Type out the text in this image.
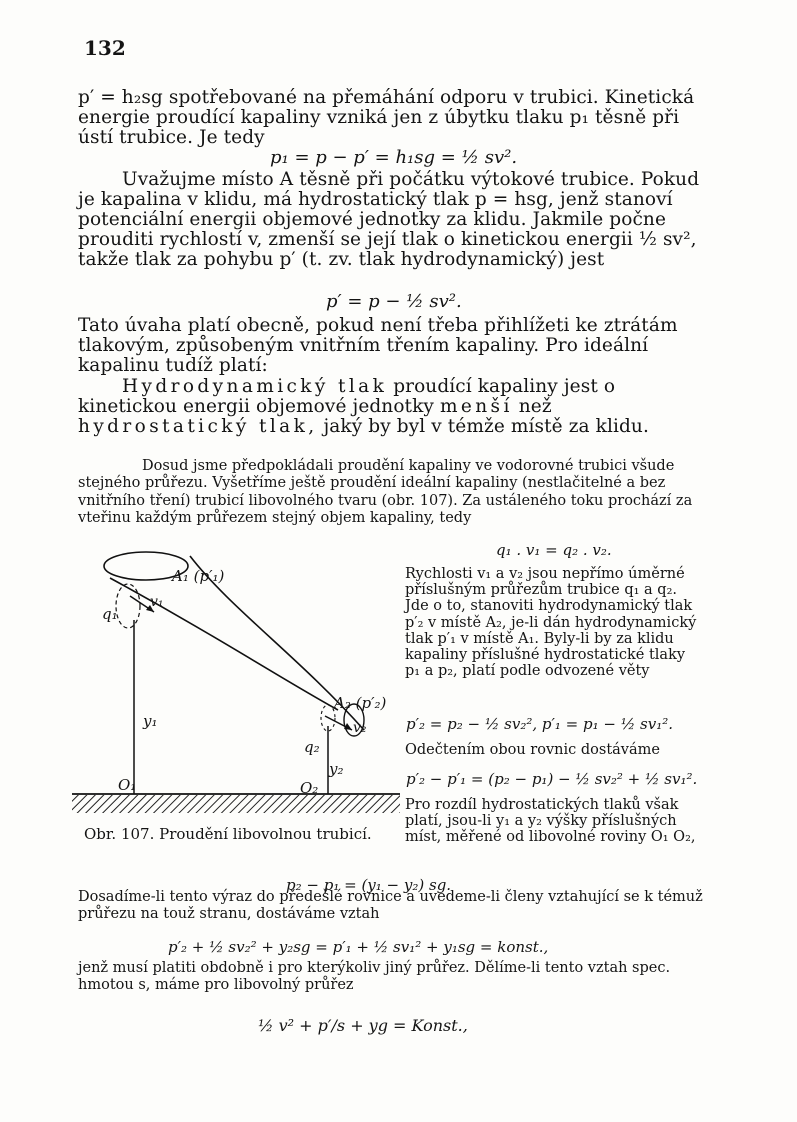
132

p′ = h₂sg spotřebované na přemáhání odporu v trubici. Kinetická energie proudící kapaliny vzniká jen z úbytku tlaku p₁ těsně při ústí trubice. Je tedy

p₁ = p − p′ = h₁sg = ½ sv².

Uvažujme místo A těsně při počátku výtokové trubice. Pokud je kapalina v klidu, má hydrostatický tlak p = hsg, jenž stanoví potenciální energii objemové jednotky za klidu. Jakmile počne prouditi rychlostí v, zmenší se její tlak o kinetickou energii ½ sv², takže tlak za pohybu p′ (t. zv. tlak hydrodynamický) jest

p′ = p − ½ sv².

Tato úvaha platí obecně, pokud není třeba přihlížeti ke ztrátám tlakovým, způsobeným vnitřním třením kapaliny. Pro ideální kapalinu tudíž platí:

Hydrodynamický tlak proudící kapaliny jest o kinetickou energii objemové jednotky menší než hydrostatický tlak, jaký by byl v témže místě za klidu.

Dosud jsme předpokládali proudění kapaliny ve vodorovné trubici všude stejného průřezu. Vyšetříme ještě proudění ideální kapaliny (nestlačitelné a bez vnitřního tření) trubicí libovolného tvaru (obr. 107). Za ustáleného toku prochází za vteřinu každým průřezem stejný objem kapaliny, tedy

q₁ . v₁ = q₂ . v₂.
A₁ (p′₁)
v₁
q₁
y₁
O₁
A₂ (p′₂)
v₂
q₂
y₂
O₂
Obr. 107. Proudění libovolnou trubicí.

Rychlosti v₁ a v₂ jsou nepřímo úměrné příslušným průřezům trubice q₁ a q₂. Jde o to, stanoviti hydrodynamický tlak p′₂ v místě A₂, je-li dán hydrodynamický tlak p′₁ v místě A₁. Byly-li by za klidu kapaliny příslušné hydrostatické tlaky p₁ a p₂, platí podle odvozené věty

p′₂ = p₂ − ½ sv₂², p′₁ = p₁ − ½ sv₁².

Odečtením obou rovnic dostáváme

p′₂ − p′₁ = (p₂ − p₁) − ½ sv₂² + ½ sv₁².

Pro rozdíl hydrostatických tlaků však platí, jsou-li y₁ a y₂ výšky příslušných míst, měřené od libovolné roviny O₁ O₂,

p₂ − p₁ = (y₁ − y₂) sg.

Dosadíme-li tento výraz do předešlé rovnice a uvedeme-li členy vztahující se k témuž průřezu na touž stranu, dostáváme vztah

p′₂ + ½ sv₂² + y₂sg = p′₁ + ½ sv₁² + y₁sg = konst.,

jenž musí platiti obdobně i pro kterýkoliv jiný průřez. Dělíme-li tento vztah spec. hmotou s, máme pro libovolný průřez

½ v² + p′/s + yg = Konst.,
